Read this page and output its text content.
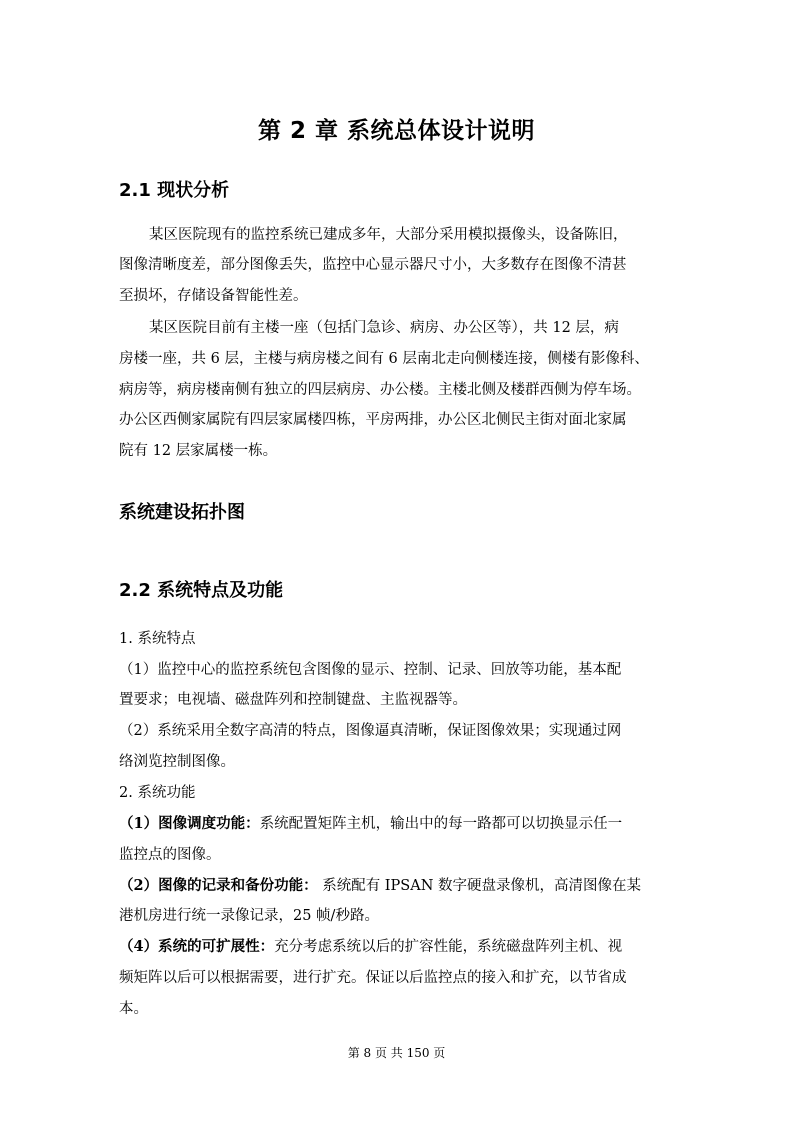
第 2 章 系统总体设计说明
2.1 现状分析
某区医院现有的监控系统已建成多年，大部分采用模拟摄像头，设备陈旧，
图像清晰度差，部分图像丢失，监控中心显示器尺寸小，大多数存在图像不清甚
至损坏，存储设备智能性差。
某区医院目前有主楼一座（包括门急诊、病房、办公区等），共 12 层，病
房楼一座，共 6 层，主楼与病房楼之间有 6 层南北走向侧楼连接，侧楼有影像科、
病房等，病房楼南侧有独立的四层病房、办公楼。主楼北侧及楼群西侧为停车场。
办公区西侧家属院有四层家属楼四栋，平房两排，办公区北侧民主街对面北家属
院有 12 层家属楼一栋。
系统建设拓扑图
2.2 系统特点及功能
1. 系统特点
（1）监控中心的监控系统包含图像的显示、控制、记录、回放等功能，基本配
置要求；电视墙、磁盘阵列和控制键盘、主监视器等。
（2）系统采用全数字高清的特点，图像逼真清晰，保证图像效果；实现通过网
络浏览控制图像。
2. 系统功能
（1）图像调度功能：系统配置矩阵主机，输出中的每一路都可以切换显示任一
监控点的图像。
（2）图像的记录和备份功能： 系统配有 IPSAN 数字硬盘录像机，高清图像在某
港机房进行统一录像记录，25 帧/秒路。
（4）系统的可扩展性：充分考虑系统以后的扩容性能，系统磁盘阵列主机、视
频矩阵以后可以根据需要，进行扩充。保证以后监控点的接入和扩充，以节省成
本。
第 8 页 共 150 页
